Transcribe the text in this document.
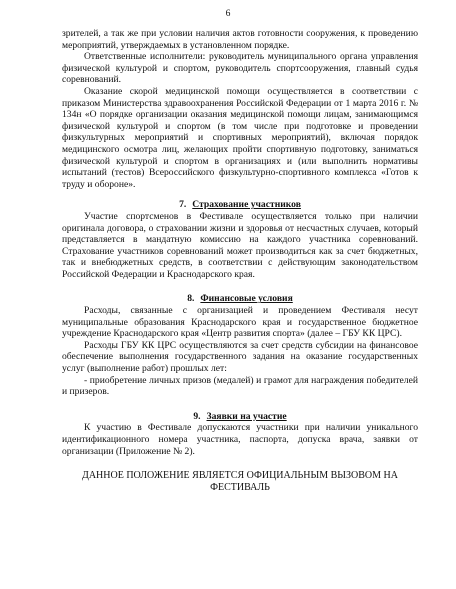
6

зрителей, а так же при условии наличия актов готовности сооружения, к проведению мероприятий, утверждаемых в установленном порядке.

Ответственные исполнители: руководитель муниципального органа управления физической культурой и спортом, руководитель спортсооружения, главный судья соревнований.

Оказание скорой медицинской помощи осуществляется в соответствии с приказом Министерства здравоохранения Российской Федерации от 1 марта 2016 г. № 134н «О порядке организации оказания медицинской помощи лицам, занимающимся физической культурой и спортом (в том числе при подготовке и проведении физкультурных мероприятий и спортивных мероприятий), включая порядок медицинского осмотра лиц, желающих пройти спортивную подготовку, заниматься физической культурой и спортом в организациях и (или выполнить нормативы испытаний (тестов) Всероссийского физкультурно-спортивного комплекса «Готов к труду и обороне».

7. Страхование участников

Участие спортсменов в Фестивале осуществляется только при наличии оригинала договора, о страховании жизни и здоровья от несчастных случаев, который представляется в мандатную комиссию на каждого участника соревнований. Страхование участников соревнований может производиться как за счет бюджетных, так и внебюджетных средств, в соответствии с действующим законодательством Российской Федерации и Краснодарского края.

8. Финансовые условия

Расходы, связанные с организацией и проведением Фестиваля несут муниципальные образования Краснодарского края и государственное бюджетное учреждение Краснодарского края «Центр развития спорта» (далее – ГБУ КК ЦРС).

Расходы ГБУ КК ЦРС осуществляются за счет средств субсидии на финансовое обеспечение выполнения государственного задания на оказание государственных услуг (выполнение работ) прошлых лет:

- приобретение личных призов (медалей) и грамот для награждения победителей и призеров.

9. Заявки на участие

К участию в Фестивале допускаются участники при наличии уникального идентификационного номера участника, паспорта, допуска врача, заявки от организации (Приложение № 2).

ДАННОЕ ПОЛОЖЕНИЕ ЯВЛЯЕТСЯ ОФИЦИАЛЬНЫМ ВЫЗОВОМ НА ФЕСТИВАЛЬ
